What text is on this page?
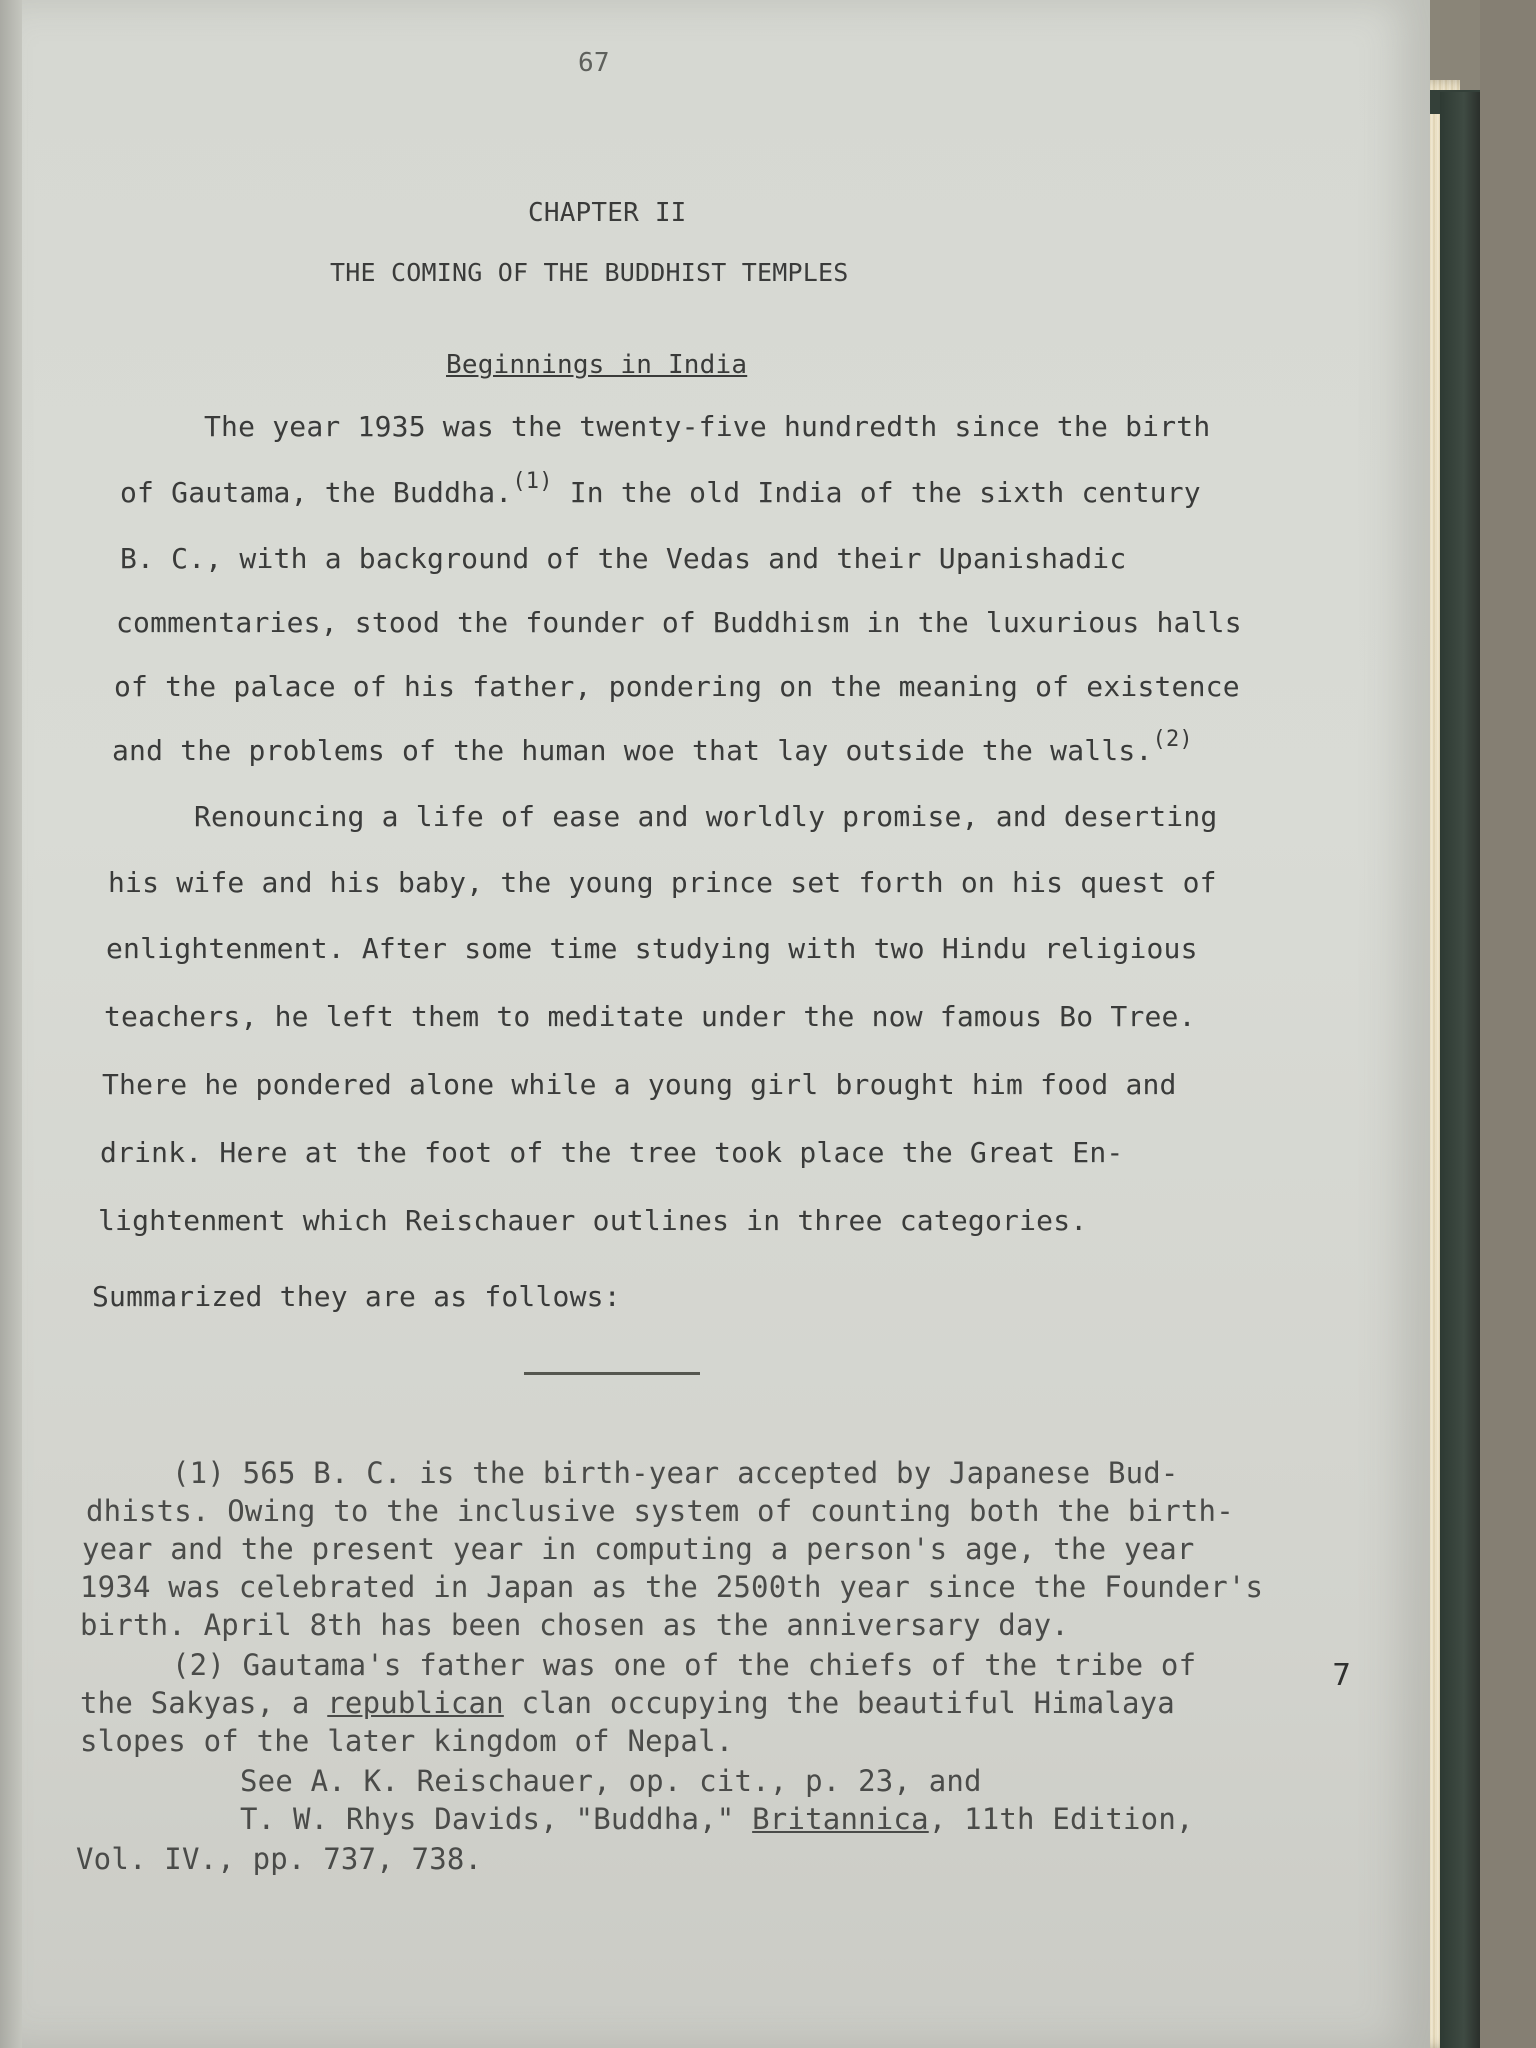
67
CHAPTER II
THE COMING OF THE BUDDHIST TEMPLES
Beginnings in India
The year 1935 was the twenty-five hundredth since the birth
of Gautama, the Buddha.$^{(1)}$ In the old India of the sixth century
B. C., with a background of the Vedas and their Upanishadic
commentaries, stood the founder of Buddhism in the luxurious halls
of the palace of his father, pondering on the meaning of existence
and the problems of the human woe that lay outside the walls.$^{(2)}$
Renouncing a life of ease and worldly promise, and deserting
his wife and his baby, the young prince set forth on his quest of
enlightenment. After some time studying with two Hindu religious
teachers, he left them to meditate under the now famous Bo Tree.
There he pondered alone while a young girl brought him food and
drink. Here at the foot of the tree took place the Great En-
lightenment which Reischauer outlines in three categories.
Summarized they are as follows:
(1) 565 B. C. is the birth-year accepted by Japanese Bud-
dhists. Owing to the inclusive system of counting both the birth-
year and the present year in computing a person's age, the year
1934 was celebrated in Japan as the 2500th year since the Founder's
birth. April 8th has been chosen as the anniversary day.
(2) Gautama's father was one of the chiefs of the tribe of
the Sakyas, a republican clan occupying the beautiful Himalaya
slopes of the later kingdom of Nepal.
See A. K. Reischauer, op. cit., p. 23, and
T. W. Rhys Davids, "Buddha," Britannica, 11th Edition,
Vol. IV., pp. 737, 738.
7
